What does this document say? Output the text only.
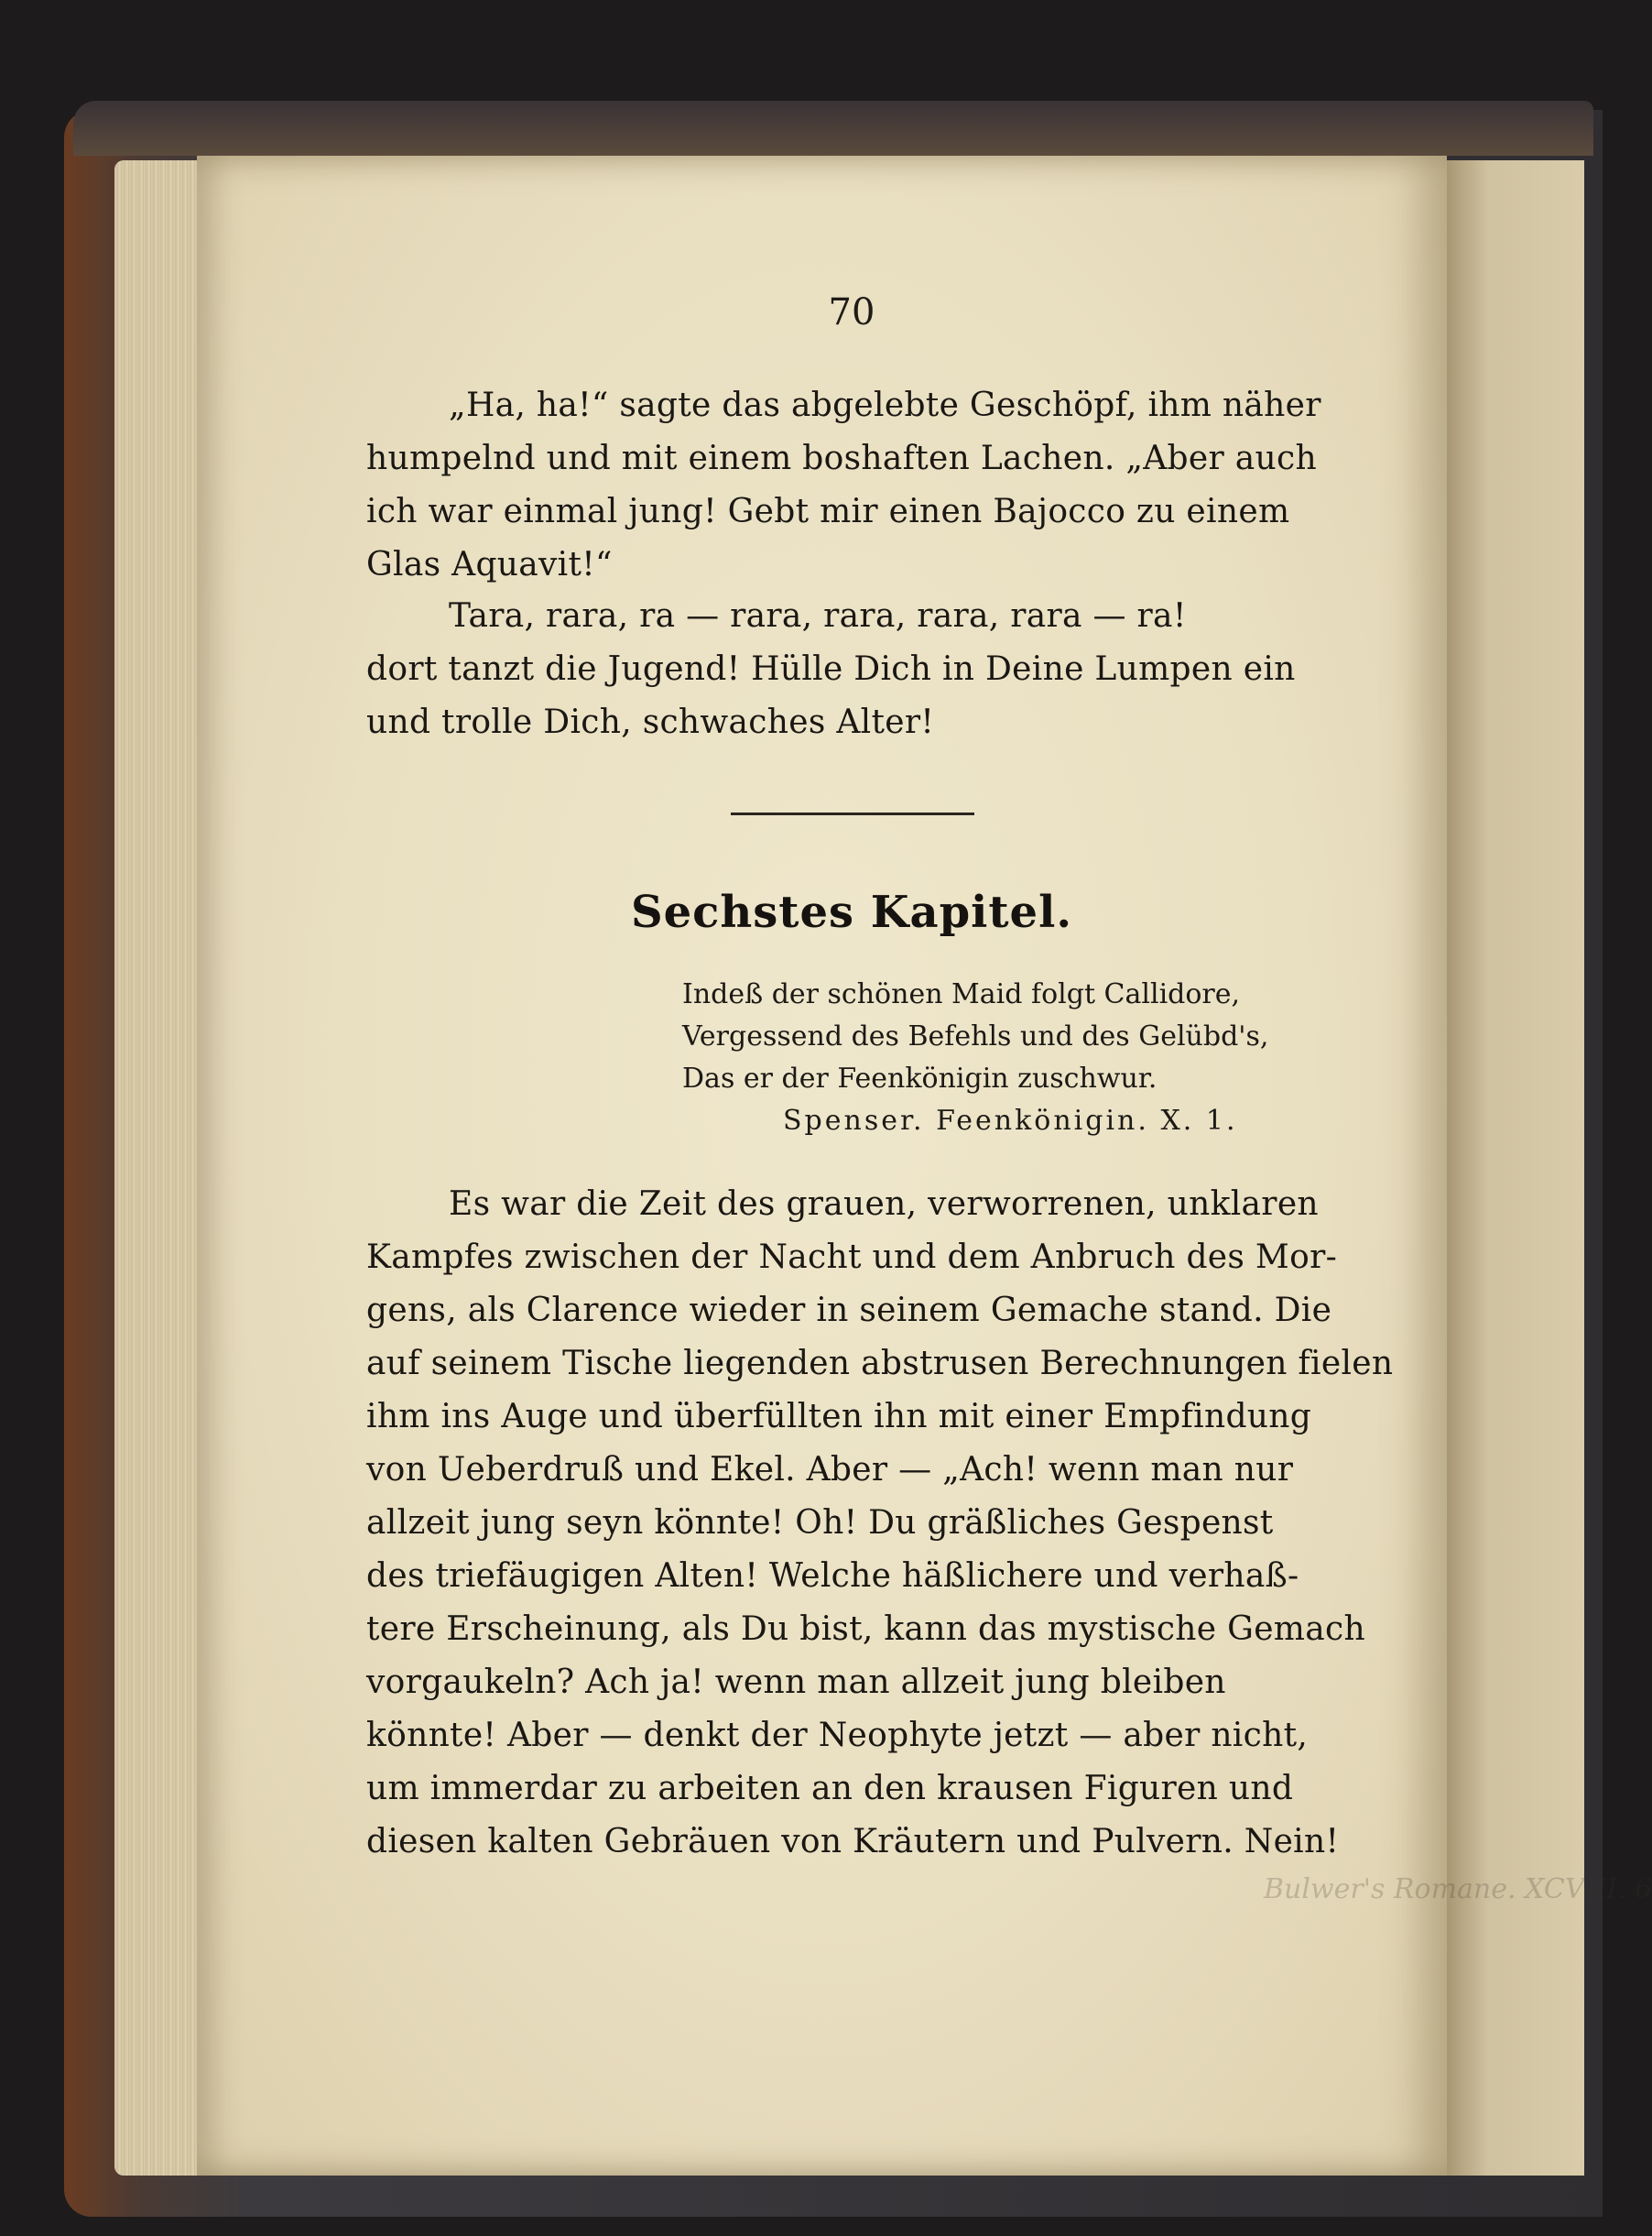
Bulwer's Romane. XCVIII. 6
70

„Ha, ha!“ sagte das abgelebte Geschöpf, ihm näher
humpelnd und mit einem boshaften Lachen. „Aber auch
ich war einmal jung! Gebt mir einen Bajocco zu einem
Glas Aquavit!“

Tara, rara, ra — rara, rara, rara, rara — ra!
dort tanzt die Jugend! Hülle Dich in Deine Lumpen ein
und trolle Dich, schwaches Alter!

Sechstes Kapitel.
Indeß der schönen Maid folgt Callidore,
Vergessend des Befehls und des Gelübd's,
Das er der Feenkönigin zuschwur.
Spenser. Feenkönigin. X. 1.

Es war die Zeit des grauen, verworrenen, unklaren
Kampfes zwischen der Nacht und dem Anbruch des Mor-
gens, als Clarence wieder in seinem Gemache stand. Die
auf seinem Tische liegenden abstrusen Berechnungen fielen
ihm ins Auge und überfüllten ihn mit einer Empfindung
von Ueberdruß und Ekel. Aber — „Ach! wenn man nur
allzeit jung seyn könnte! Oh! Du gräßliches Gespenst
des triefäugigen Alten! Welche häßlichere und verhaß-
tere Erscheinung, als Du bist, kann das mystische Gemach
vorgaukeln? Ach ja! wenn man allzeit jung bleiben
könnte! Aber — denkt der Neophyte jetzt — aber nicht,
um immerdar zu arbeiten an den krausen Figuren und
diesen kalten Gebräuen von Kräutern und Pulvern. Nein!
